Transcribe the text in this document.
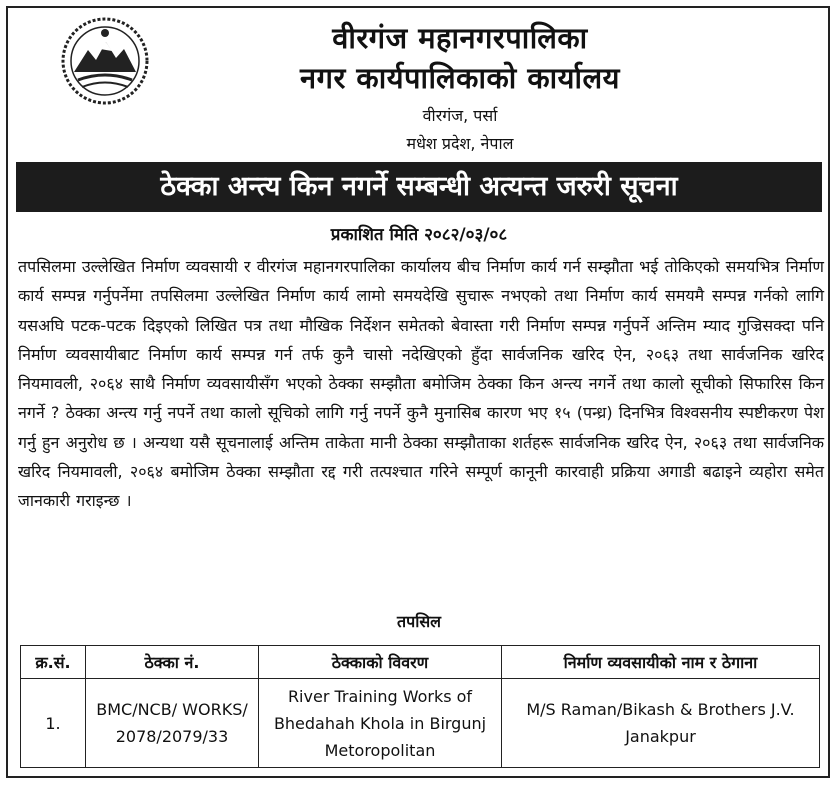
वीरगंज महानगरपालिका
नगर कार्यपालिकाको कार्यालय
वीरगंज, पर्सा
मधेश प्रदेश, नेपाल
ठेक्का अन्त्य किन नगर्ने सम्बन्धी अत्यन्त जरुरी सूचना
प्रकाशित मिति २०८२/०३/०८
तपसिलमा उल्लेखित निर्माण व्यवसायी र वीरगंज महानगरपालिका कार्यालय बीच निर्माण कार्य गर्न सम्झौता भई तोकिएको समयभित्र निर्माण कार्य सम्पन्न गर्नुपर्नेमा तपसिलमा उल्लेखित निर्माण कार्य लामो समयदेखि सुचारू नभएको तथा निर्माण कार्य समयमै सम्पन्न गर्नको लागि यसअघि पटक-पटक दिइएको लिखित पत्र तथा मौखिक निर्देशन समेतको बेवास्ता गरी निर्माण सम्पन्न गर्नुपर्ने अन्तिम म्याद गुज्रिसक्दा पनि निर्माण व्यवसायीबाट निर्माण कार्य सम्पन्न गर्न तर्फ कुनै चासो नदेखिएको हुँदा सार्वजनिक खरिद ऐन, २०६३ तथा सार्वजनिक खरिद नियमावली, २०६४ साथै निर्माण व्यवसायीसँग भएको ठेक्का सम्झौता बमोजिम ठेक्का किन अन्त्य नगर्ने तथा कालो सूचीको सिफारिस किन नगर्ने ? ठेक्का अन्त्य गर्नु नपर्ने तथा कालो सूचिको लागि गर्नु नपर्ने कुनै मुनासिब कारण भए १५ (पन्ध्र) दिनभित्र विश्वसनीय स्पष्टीकरण पेश गर्नु हुन अनुरोध छ । अन्यथा यसै सूचनालाई अन्तिम ताकेता मानी ठेक्का सम्झौताका शर्तहरू सार्वजनिक खरिद ऐन, २०६३ तथा सार्वजनिक खरिद नियमावली, २०६४ बमोजिम ठेक्का सम्झौता रद्द गरी तत्पश्चात गरिने सम्पूर्ण कानूनी कारवाही प्रक्रिया अगाडी बढाइने व्यहोरा समेत जानकारी गराइन्छ ।
तपसिल
क्र.सं.	ठेक्का नं.	ठेक्काको विवरण	निर्माण व्यवसायीको नाम र ठेगाना
1.	BMC/NCB/ WORKS/ 2078/2079/33	River Training Works of Bhedahah Khola in Birgunj Metoropolitan	M/S Raman/Bikash & Brothers J.V. Janakpur
